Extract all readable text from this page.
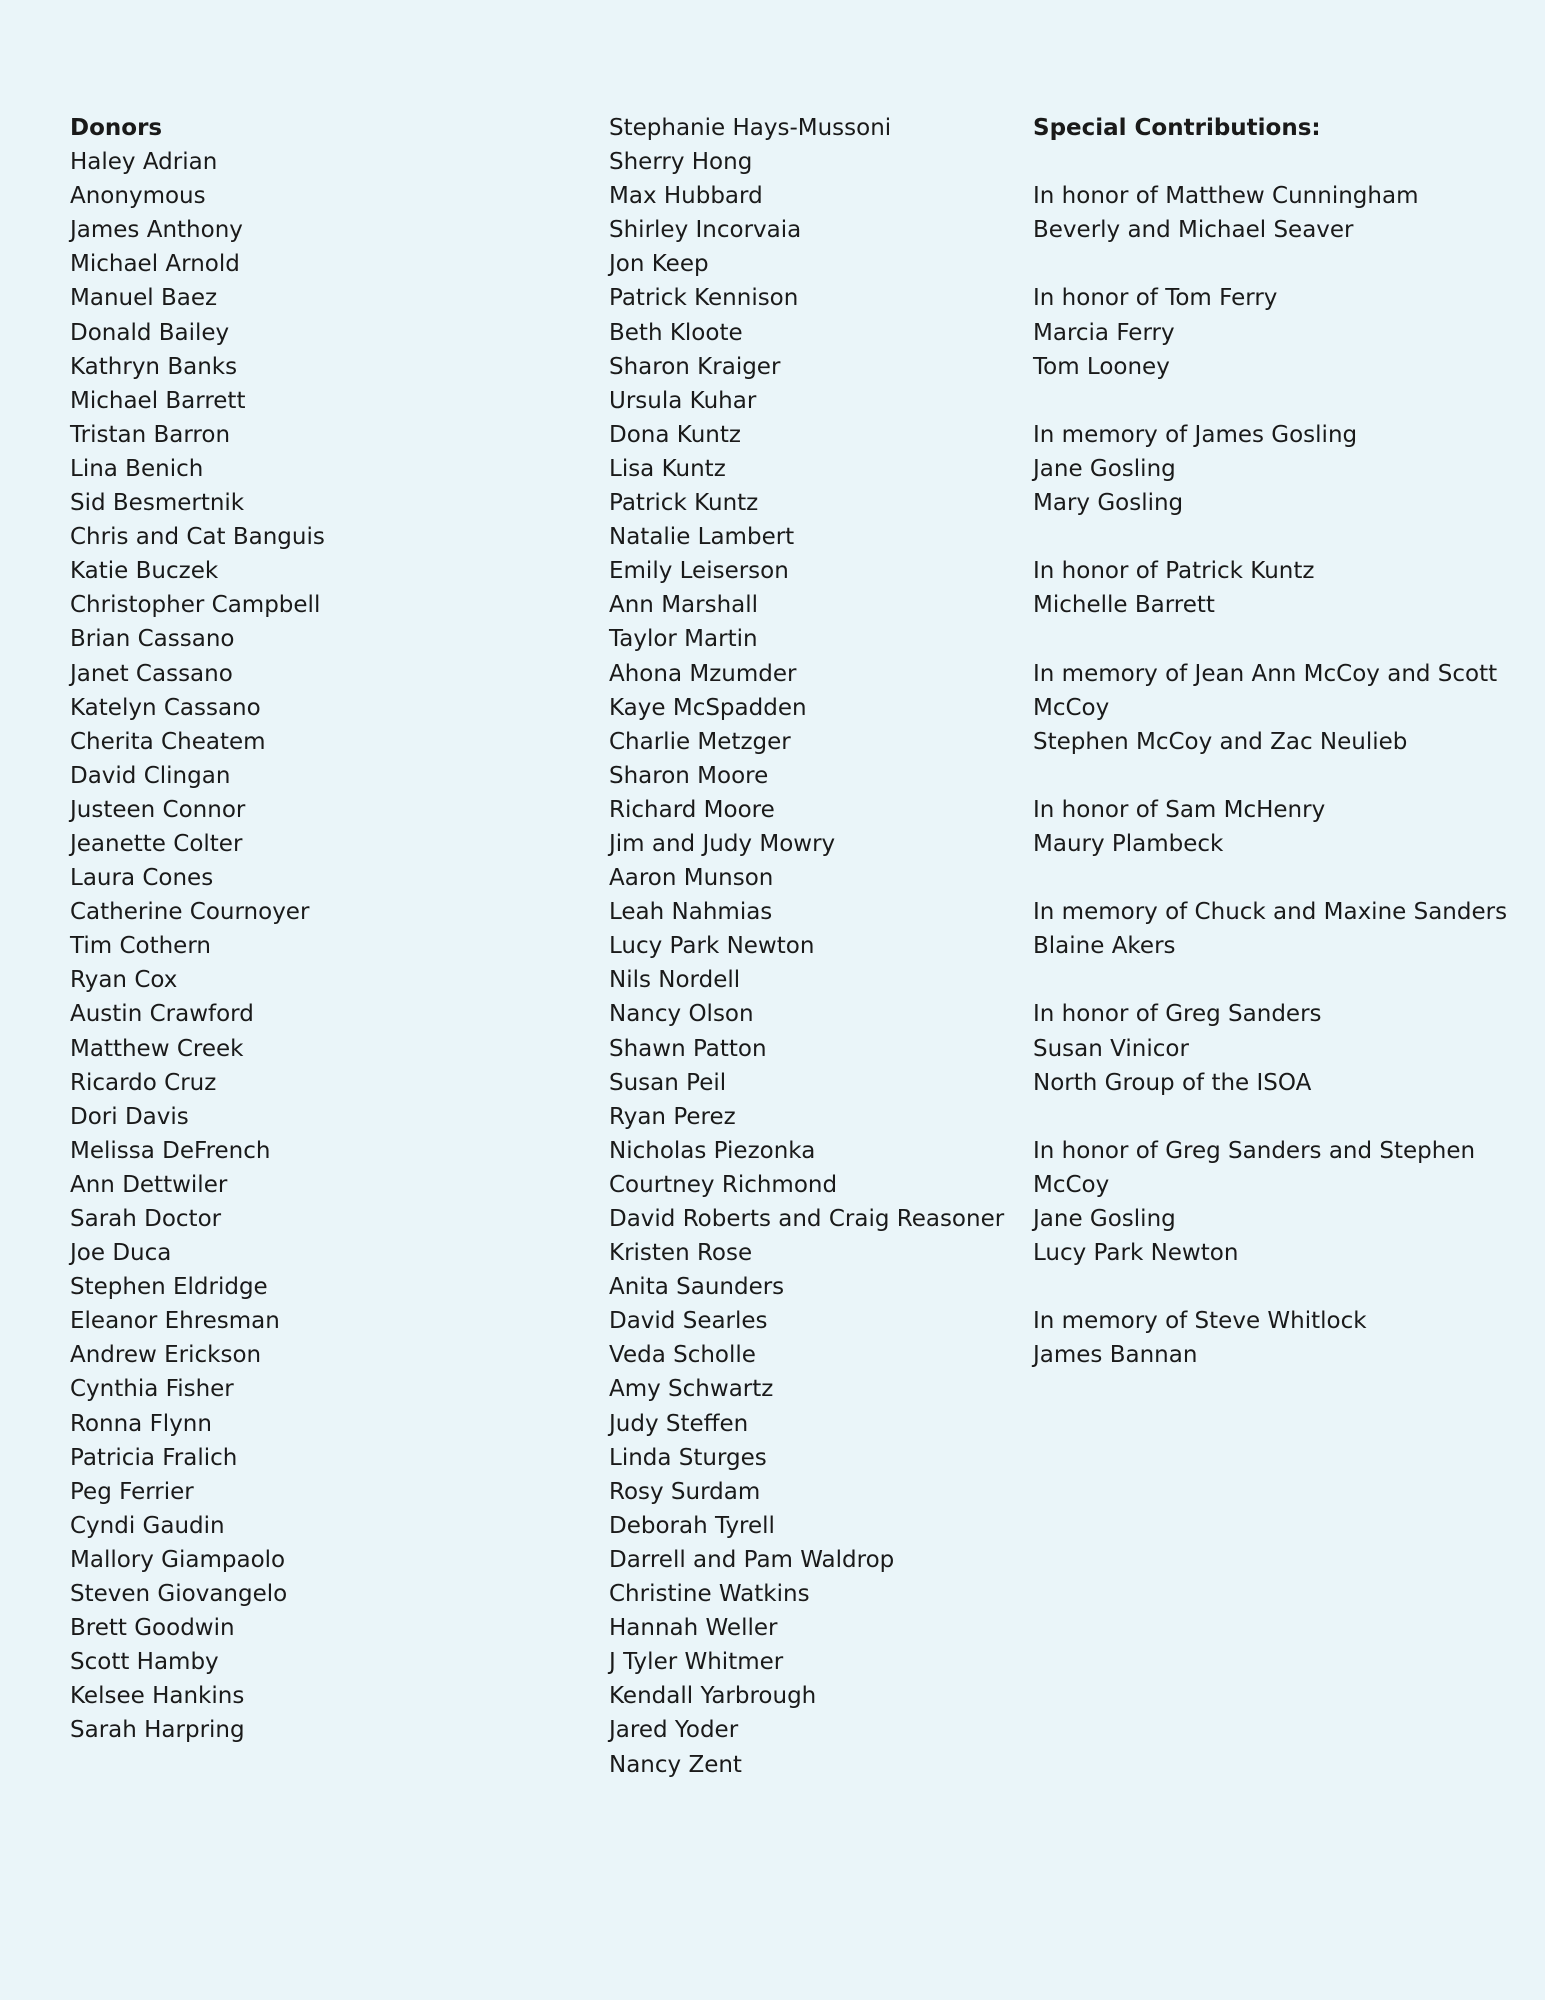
Donors
Haley Adrian
Anonymous
James Anthony
Michael Arnold
Manuel Baez
Donald Bailey
Kathryn Banks
Michael Barrett
Tristan Barron
Lina Benich
Sid Besmertnik
Chris and Cat Banguis
Katie Buczek
Christopher Campbell
Brian Cassano
Janet Cassano
Katelyn Cassano
Cherita Cheatem
David Clingan
Justeen Connor
Jeanette Colter
Laura Cones
Catherine Cournoyer
Tim Cothern
Ryan Cox
Austin Crawford
Matthew Creek
Ricardo Cruz
Dori Davis
Melissa DeFrench
Ann Dettwiler
Sarah Doctor
Joe Duca
Stephen Eldridge
Eleanor Ehresman
Andrew Erickson
Cynthia Fisher
Ronna Flynn
Patricia Fralich
Peg Ferrier
Cyndi Gaudin
Mallory Giampaolo
Steven Giovangelo
Brett Goodwin
Scott Hamby
Kelsee Hankins
Sarah Harpring
Stephanie Hays-Mussoni
Sherry Hong
Max Hubbard
Shirley Incorvaia
Jon Keep
Patrick Kennison
Beth Kloote
Sharon Kraiger
Ursula Kuhar
Dona Kuntz
Lisa Kuntz
Patrick Kuntz
Natalie Lambert
Emily Leiserson
Ann Marshall
Taylor Martin
Ahona Mzumder
Kaye McSpadden
Charlie Metzger
Sharon Moore
Richard Moore
Jim and Judy Mowry
Aaron Munson
Leah Nahmias
Lucy Park Newton
Nils Nordell
Nancy Olson
Shawn Patton
Susan Peil
Ryan Perez
Nicholas Piezonka
Courtney Richmond
David Roberts and Craig Reasoner
Kristen Rose
Anita Saunders
David Searles
Veda Scholle
Amy Schwartz
Judy Steffen
Linda Sturges
Rosy Surdam
Deborah Tyrell
Darrell and Pam Waldrop
Christine Watkins
Hannah Weller
J Tyler Whitmer
Kendall Yarbrough
Jared Yoder
Nancy Zent
Special Contributions:
In honor of Matthew Cunningham
Beverly and Michael Seaver
In honor of Tom Ferry
Marcia Ferry
Tom Looney
In memory of James Gosling
Jane Gosling
Mary Gosling
In honor of Patrick Kuntz
Michelle Barrett
In memory of Jean Ann McCoy and Scott McCoy
Stephen McCoy and Zac Neulieb
In honor of Sam McHenry
Maury Plambeck
In memory of Chuck and Maxine Sanders
Blaine Akers
In honor of Greg Sanders
Susan Vinicor
North Group of the ISOA
In honor of Greg Sanders and Stephen McCoy
Jane Gosling
Lucy Park Newton
In memory of Steve Whitlock
James Bannan
